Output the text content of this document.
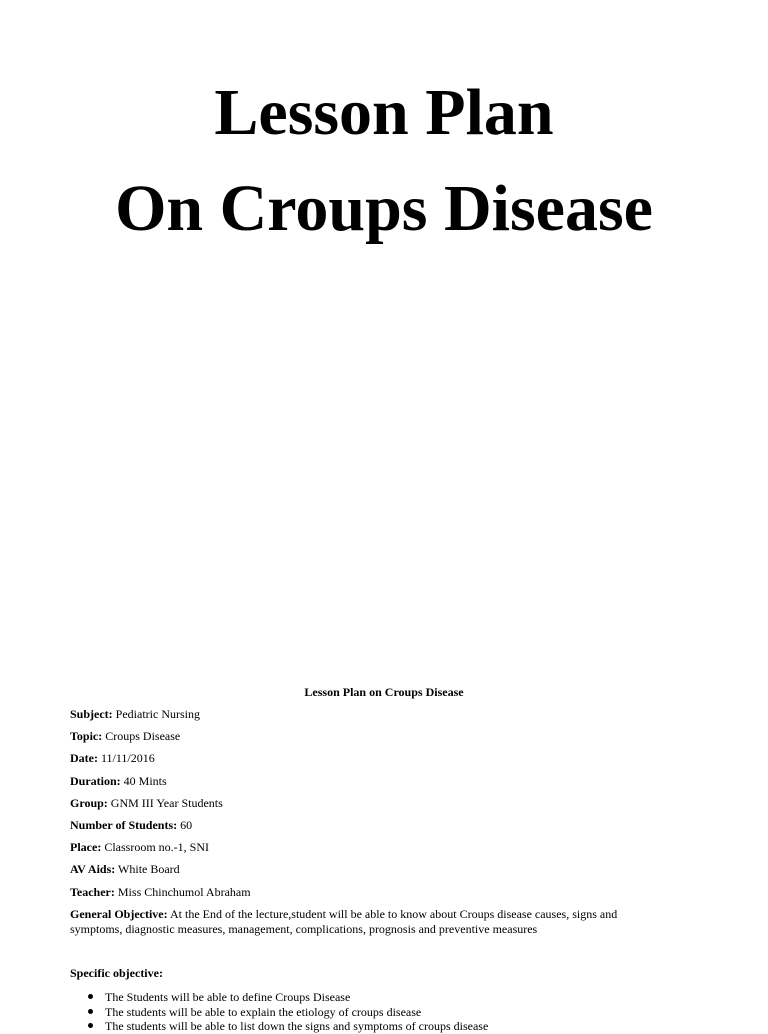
Lesson Plan
On Croups Disease
Lesson Plan on Croups Disease
Subject: Pediatric Nursing
Topic: Croups Disease
Date: 11/11/2016
Duration: 40 Mints
Group: GNM III Year Students
Number of Students: 60
Place: Classroom no.-1, SNI
AV Aids: White Board
Teacher: Miss Chinchumol Abraham
General Objective: At the End of the lecture,student will be able to know about Croups disease causes, signs and symptoms, diagnostic measures, management, complications, prognosis and preventive measures

Specific objective:

The Students will be able to define Croups Disease
The students will be able to explain the etiology of croups disease
The students will be able to list down the signs and symptoms of croups disease
